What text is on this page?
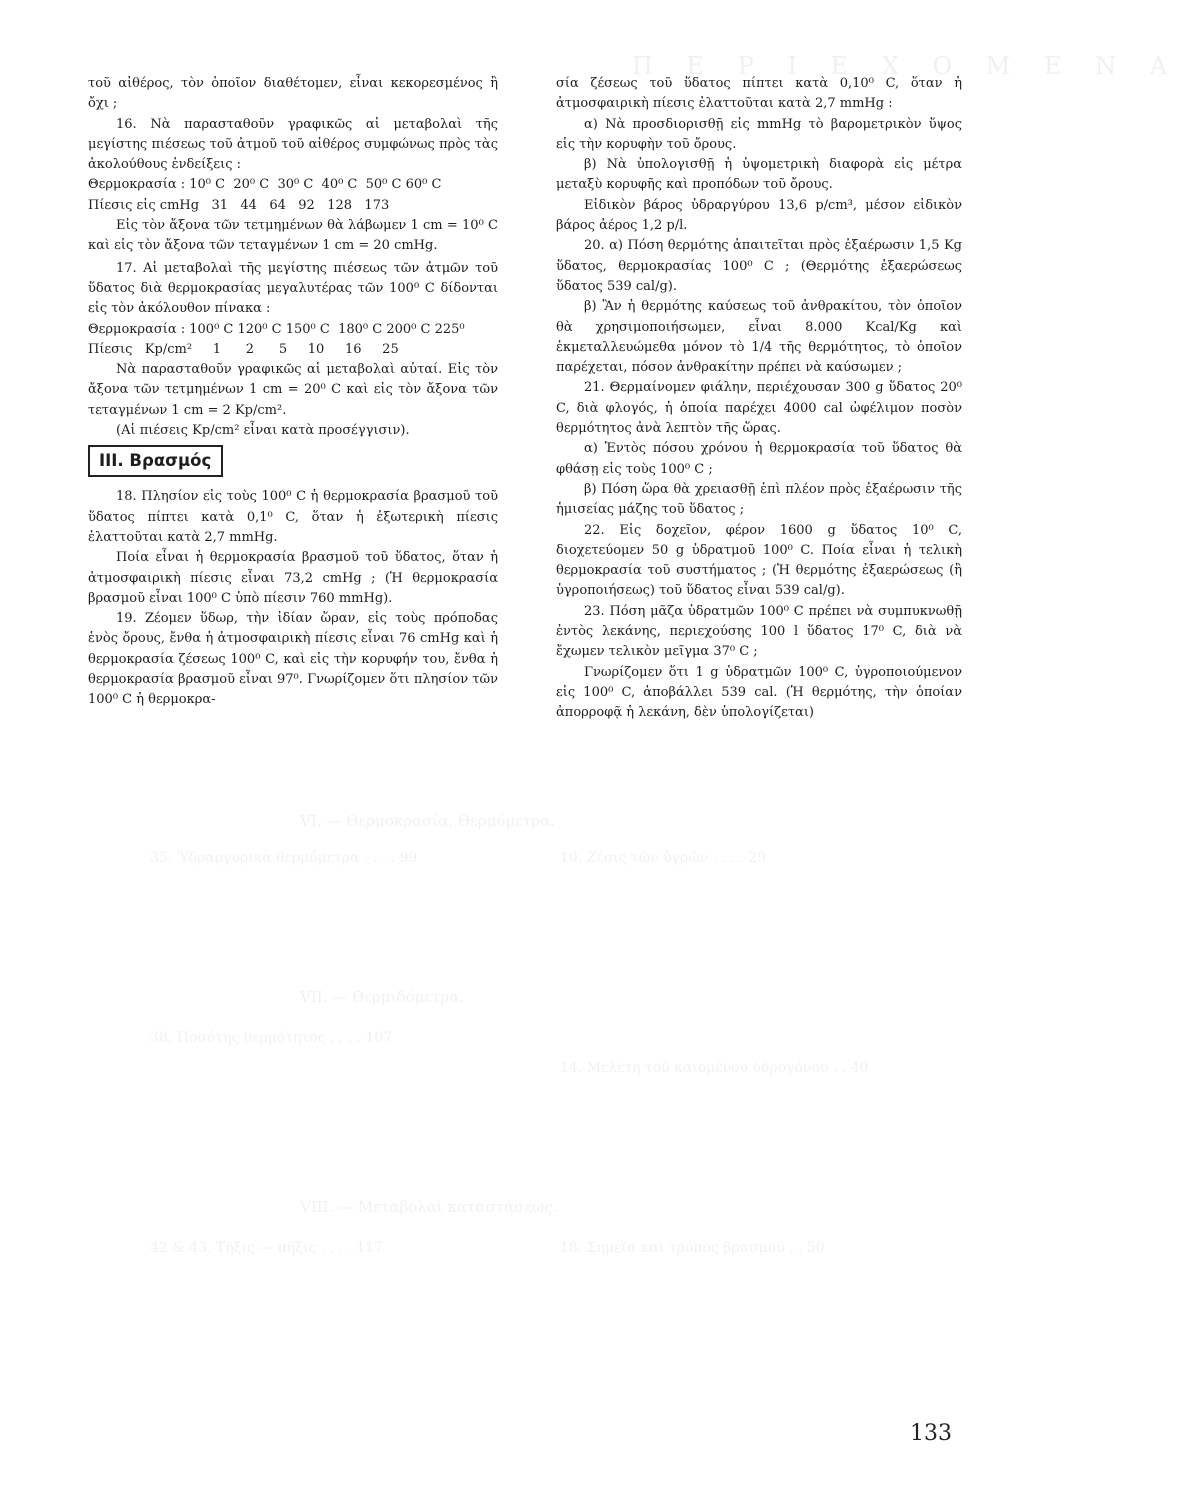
Π Ε Ρ Ι Ε Χ Ο Μ Ε Ν Α
VI. — Θερμοκρασία. Θερμόμετρα.
35. Ὑδραργυρικὰ θερμόμετρα . . . . 99	10. Ζέσις τῶν ὑγρῶν . . . . 29
VII. — Θερμιδόμετρα.
38. Ποσότης θερμότητος . . . . 107
14. Μελέτη τοῦ καιομένου ὑδρογόνου . . 40
VIII. — Μεταβολαὶ καταστάσεως.
18. Σημεῖα καὶ τρόπος βρασμοῦ . . 50
42 & 43. Τῆξις — πῆξις . . . . 117

τοῦ αἰθέρος, τὸν ὁποῖον διαθέτομεν, εἶναι κεκορεσμένος ἢ ὄχι ;

16. Νὰ παρασταθοῦν γραφικῶς αἱ μεταβολαὶ τῆς μεγίστης πιέσεως τοῦ ἀτμοῦ τοῦ αἰθέρος συμφώνως πρὸς τὰς ἀκολούθους ἐνδείξεις :

Θερμοκρασία : 10⁰ C  20⁰ C  30⁰ C  40⁰ C  50⁰ C 60⁰ C

Πίεσις εἰς cmHg   31   44   64   92   128   173

Εἰς τὸν ἄξονα τῶν τετμημένων θὰ λάβωμεν 1 cm = 10⁰ C καὶ εἰς τὸν ἄξονα τῶν τεταγμένων 1 cm = 20 cmHg.

17. Αἱ μεταβολαὶ τῆς μεγίστης πιέσεως τῶν ἀτμῶν τοῦ ὕδατος διὰ θερμοκρασίας μεγαλυτέρας τῶν 100⁰ C δίδονται εἰς τὸν ἀκόλουθον πίνακα :

Θερμοκρασία : 100⁰ C 120⁰ C 150⁰ C  180⁰ C 200⁰ C 225⁰

Πίεσις   Kp/cm²     1      2      5     10     16     25

Νὰ παρασταθοῦν γραφικῶς αἱ μεταβολαὶ αὐταί. Εἰς τὸν ἄξονα τῶν τετμημένων 1 cm = 20⁰ C καὶ εἰς τὸν ἄξονα τῶν τεταγμένων 1 cm = 2 Kp/cm².

(Αἱ πιέσεις Kp/cm² εἶναι κατὰ προσέγγισιν).

III. Βρασμός

18. Πλησίον εἰς τοὺς 100⁰ C ἡ θερμοκρασία βρασμοῦ τοῦ ὕδατος πίπτει κατὰ 0,1⁰ C, ὅταν ἡ ἐξωτερικὴ πίεσις ἐλαττοῦται κατὰ 2,7 mmHg.

Ποία εἶναι ἡ θερμοκρασία βρασμοῦ τοῦ ὕδατος, ὅταν ἡ ἀτμοσφαιρικὴ πίεσις εἶναι 73,2 cmHg ; (Ἡ θερμοκρασία βρασμοῦ εἶναι 100⁰ C ὑπὸ πίεσιν 760 mmHg).

19. Ζέομεν ὕδωρ, τὴν ἰδίαν ὥραν, εἰς τοὺς πρόποδας ἑνὸς ὄρους, ἔνθα ἡ ἀτμοσφαιρικὴ πίεσις εἶναι 76 cmHg καὶ ἡ θερμοκρασία ζέσεως 100⁰ C, καὶ εἰς τὴν κορυφήν του, ἔνθα ἡ θερμοκρασία βρασμοῦ εἶναι 97⁰. Γνωρίζομεν ὅτι πλησίον τῶν 100⁰ C ἡ θερμοκρα-

σία ζέσεως τοῦ ὕδατος πίπτει κατὰ 0,10⁰ C, ὅταν ἡ ἀτμοσφαιρικὴ πίεσις ἐλαττοῦται κατὰ 2,7 mmHg :

α) Νὰ προσδιορισθῇ εἰς mmHg τὸ βαρομετρικὸν ὕψος εἰς τὴν κορυφὴν τοῦ ὄρους.

β) Νὰ ὑπολογισθῇ ἡ ὑψομετρικὴ διαφορὰ εἰς μέτρα μεταξὺ κορυφῆς καὶ προπόδων τοῦ ὄρους.

Εἰδικὸν βάρος ὑδραργύρου 13,6 p/cm³, μέσον εἰδικὸν βάρος ἀέρος 1,2 p/l.

20. α) Πόση θερμότης ἀπαιτεῖται πρὸς ἐξαέρωσιν 1,5 Kg ὕδατος, θερμοκρασίας 100⁰ C ; (Θερμότης ἐξαερώσεως ὕδατος 539 cal/g).

β) Ἂν ἡ θερμότης καύσεως τοῦ ἀνθρακίτου, τὸν ὁποῖον θὰ χρησιμοποιήσωμεν, εἶναι 8.000 Kcal/Kg καὶ ἐκμεταλλευώμεθα μόνον τὸ 1/4 τῆς θερμότητος, τὸ ὁποῖον παρέχεται, πόσον ἀνθρακίτην πρέπει νὰ καύσωμεν ;

21. Θερμαίνομεν φιάλην, περιέχουσαν 300 g ὕδατος 20⁰ C, διὰ φλογός, ἡ ὁποία παρέχει 4000 cal ὠφέλιμον ποσὸν θερμότητος ἀνὰ λεπτὸν τῆς ὥρας.

α) Ἐντὸς πόσου χρόνου ἡ θερμοκρασία τοῦ ὕδατος θὰ φθάσῃ εἰς τοὺς 100⁰ C ;

β) Πόση ὥρα θὰ χρειασθῇ ἐπὶ πλέον πρὸς ἐξαέρωσιν τῆς ἡμισείας μάζης τοῦ ὕδατος ;

22. Εἰς δοχεῖον, φέρον 1600 g ὕδατος 10⁰ C, διοχετεύομεν 50 g ὑδρατμοῦ 100⁰ C. Ποία εἶναι ἡ τελικὴ θερμοκρασία τοῦ συστήματος ; (Ἡ θερμότης ἐξαερώσεως (ἢ ὑγροποιήσεως) τοῦ ὕδατος εἶναι 539 cal/g).

23. Πόση μᾶζα ὑδρατμῶν 100⁰ C πρέπει νὰ συμπυκνωθῇ ἐντὸς λεκάνης, περιεχούσης 100 l ὕδατος 17⁰ C, διὰ νὰ ἔχωμεν τελικὸν μεῖγμα 37⁰ C ;

Γνωρίζομεν ὅτι 1 g ὑδρατμῶν 100⁰ C, ὑγροποιούμενον εἰς 100⁰ C, ἀποβάλλει 539 cal. (Ἡ θερμότης, τὴν ὁποίαν ἀπορροφᾷ ἡ λεκάνη, δὲν ὑπολογίζεται)

133
